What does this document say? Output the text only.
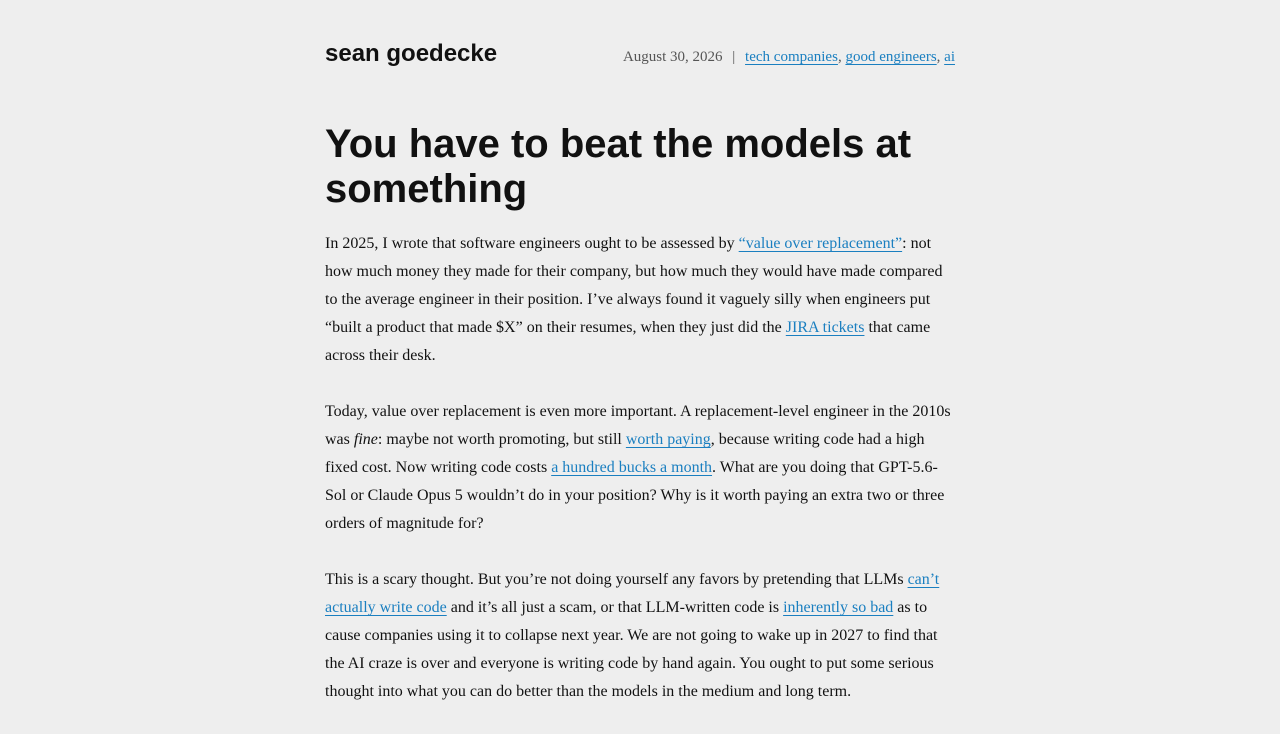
sean goedecke	August 30, 2026 | tech companies, good engineers, ai
You have to beat the models at something

In 2025, I wrote that software engineers ought to be assessed by “value over replacement”: not how much money they made for their company, but how much they would have made compared to the average engineer in their position. I’ve always found it vaguely silly when engineers put “built a product that made $X” on their resumes, when they just did the JIRA tickets that came across their desk.

Today, value over replacement is even more important. A replacement-level engineer in the 2010s was fine: maybe not worth promoting, but still worth paying, because writing code had a high fixed cost. Now writing code costs a hundred bucks a month. What are you doing that GPT-5.6-Sol or Claude Opus 5 wouldn’t do in your position? Why is it worth paying an extra two or three orders of magnitude for?

This is a scary thought. But you’re not doing yourself any favors by pretending that LLMs can’t actually write code and it’s all just a scam, or that LLM-written code is inherently so bad as to cause companies using it to collapse next year. We are not going to wake up in 2027 to find that the AI craze is over and everyone is writing code by hand again. You ought to put some serious thought into what you can do better than the models in the medium and long term.
